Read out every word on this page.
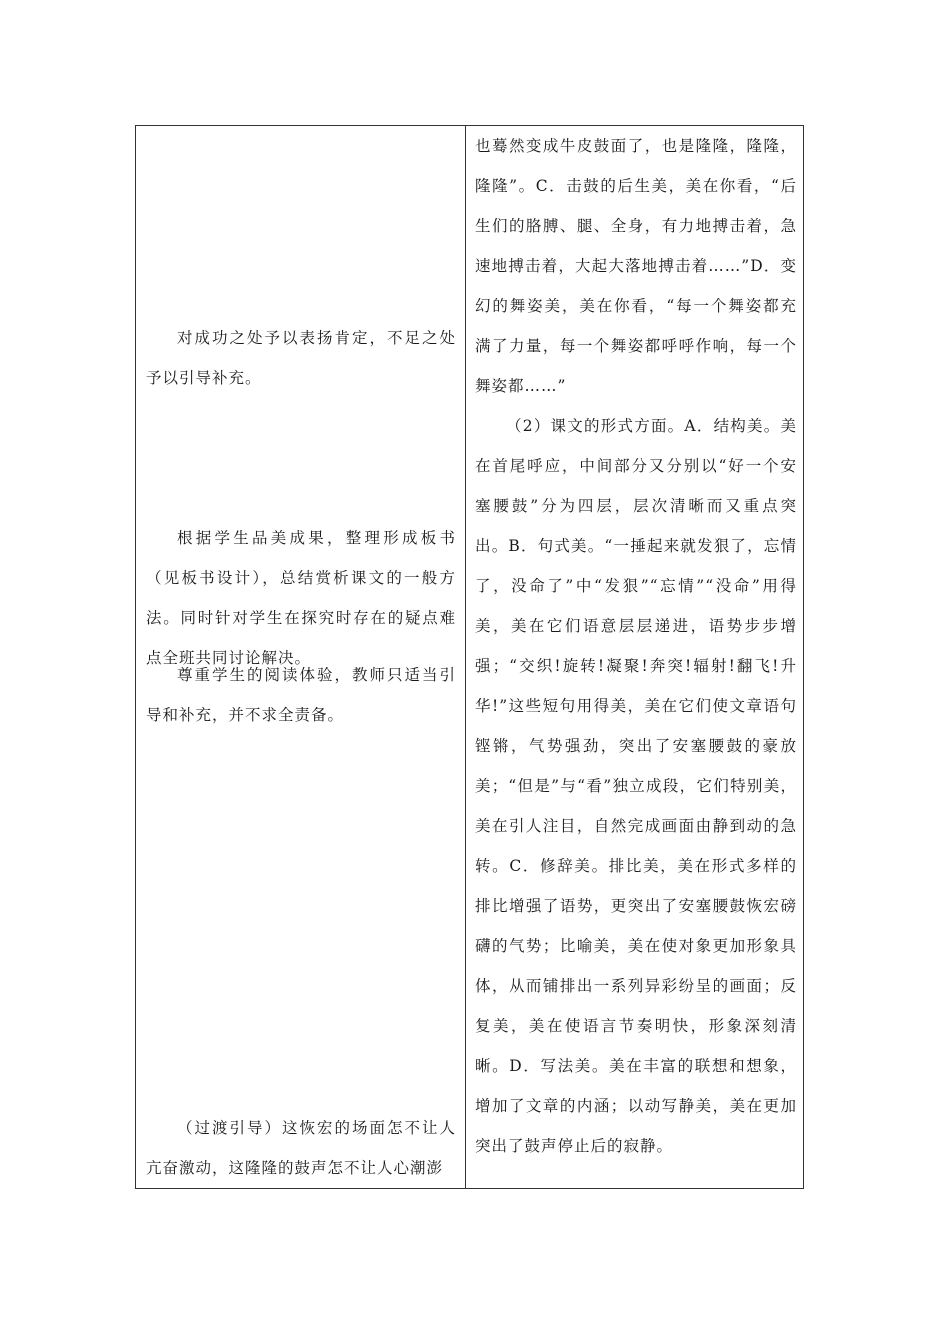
对成功之处予以表扬肯定，不足之处予以引导补充。

根据学生品美成果，整理形成板书（见板书设计），总结赏析课文的一般方法。同时针对学生在探究时存在的疑点难点全班共同讨论解决。

尊重学生的阅读体验，教师只适当引导和补充，并不求全责备。

（过渡引导）这恢宏的场面怎不让人亢奋激动，这隆隆的鼓声怎不让人心潮澎

也蓦然变成牛皮鼓面了，也是隆隆，隆隆，隆隆”。C．击鼓的后生美，美在你看，“后生们的胳膊、腿、全身，有力地搏击着，急速地搏击着，大起大落地搏击着……”D．变幻的舞姿美，美在你看，“每一个舞姿都充满了力量，每一个舞姿都呼呼作响，每一个舞姿都……”

（2）课文的形式方面。A．结构美。美在首尾呼应，中间部分又分别以“好一个安塞腰鼓”分为四层，层次清晰而又重点突出。B．句式美。“一捶起来就发狠了，忘情了，没命了”中“发狠”“忘情”“没命”用得美，美在它们语意层层递进，语势步步增强；“交织!旋转!凝聚!奔突!辐射!翻飞!升华!”这些短句用得美，美在它们使文章语句铿锵，气势强劲，突出了安塞腰鼓的豪放美；“但是”与“看”独立成段，它们特别美，美在引人注目，自然完成画面由静到动的急转。C．修辞美。排比美，美在形式多样的排比增强了语势，更突出了安塞腰鼓恢宏磅礴的气势；比喻美，美在使对象更加形象具体，从而铺排出一系列异彩纷呈的画面；反复美，美在使语言节奏明快，形象深刻清晰。D．写法美。美在丰富的联想和想象，增加了文章的内涵；以动写静美，美在更加突出了鼓声停止后的寂静。
